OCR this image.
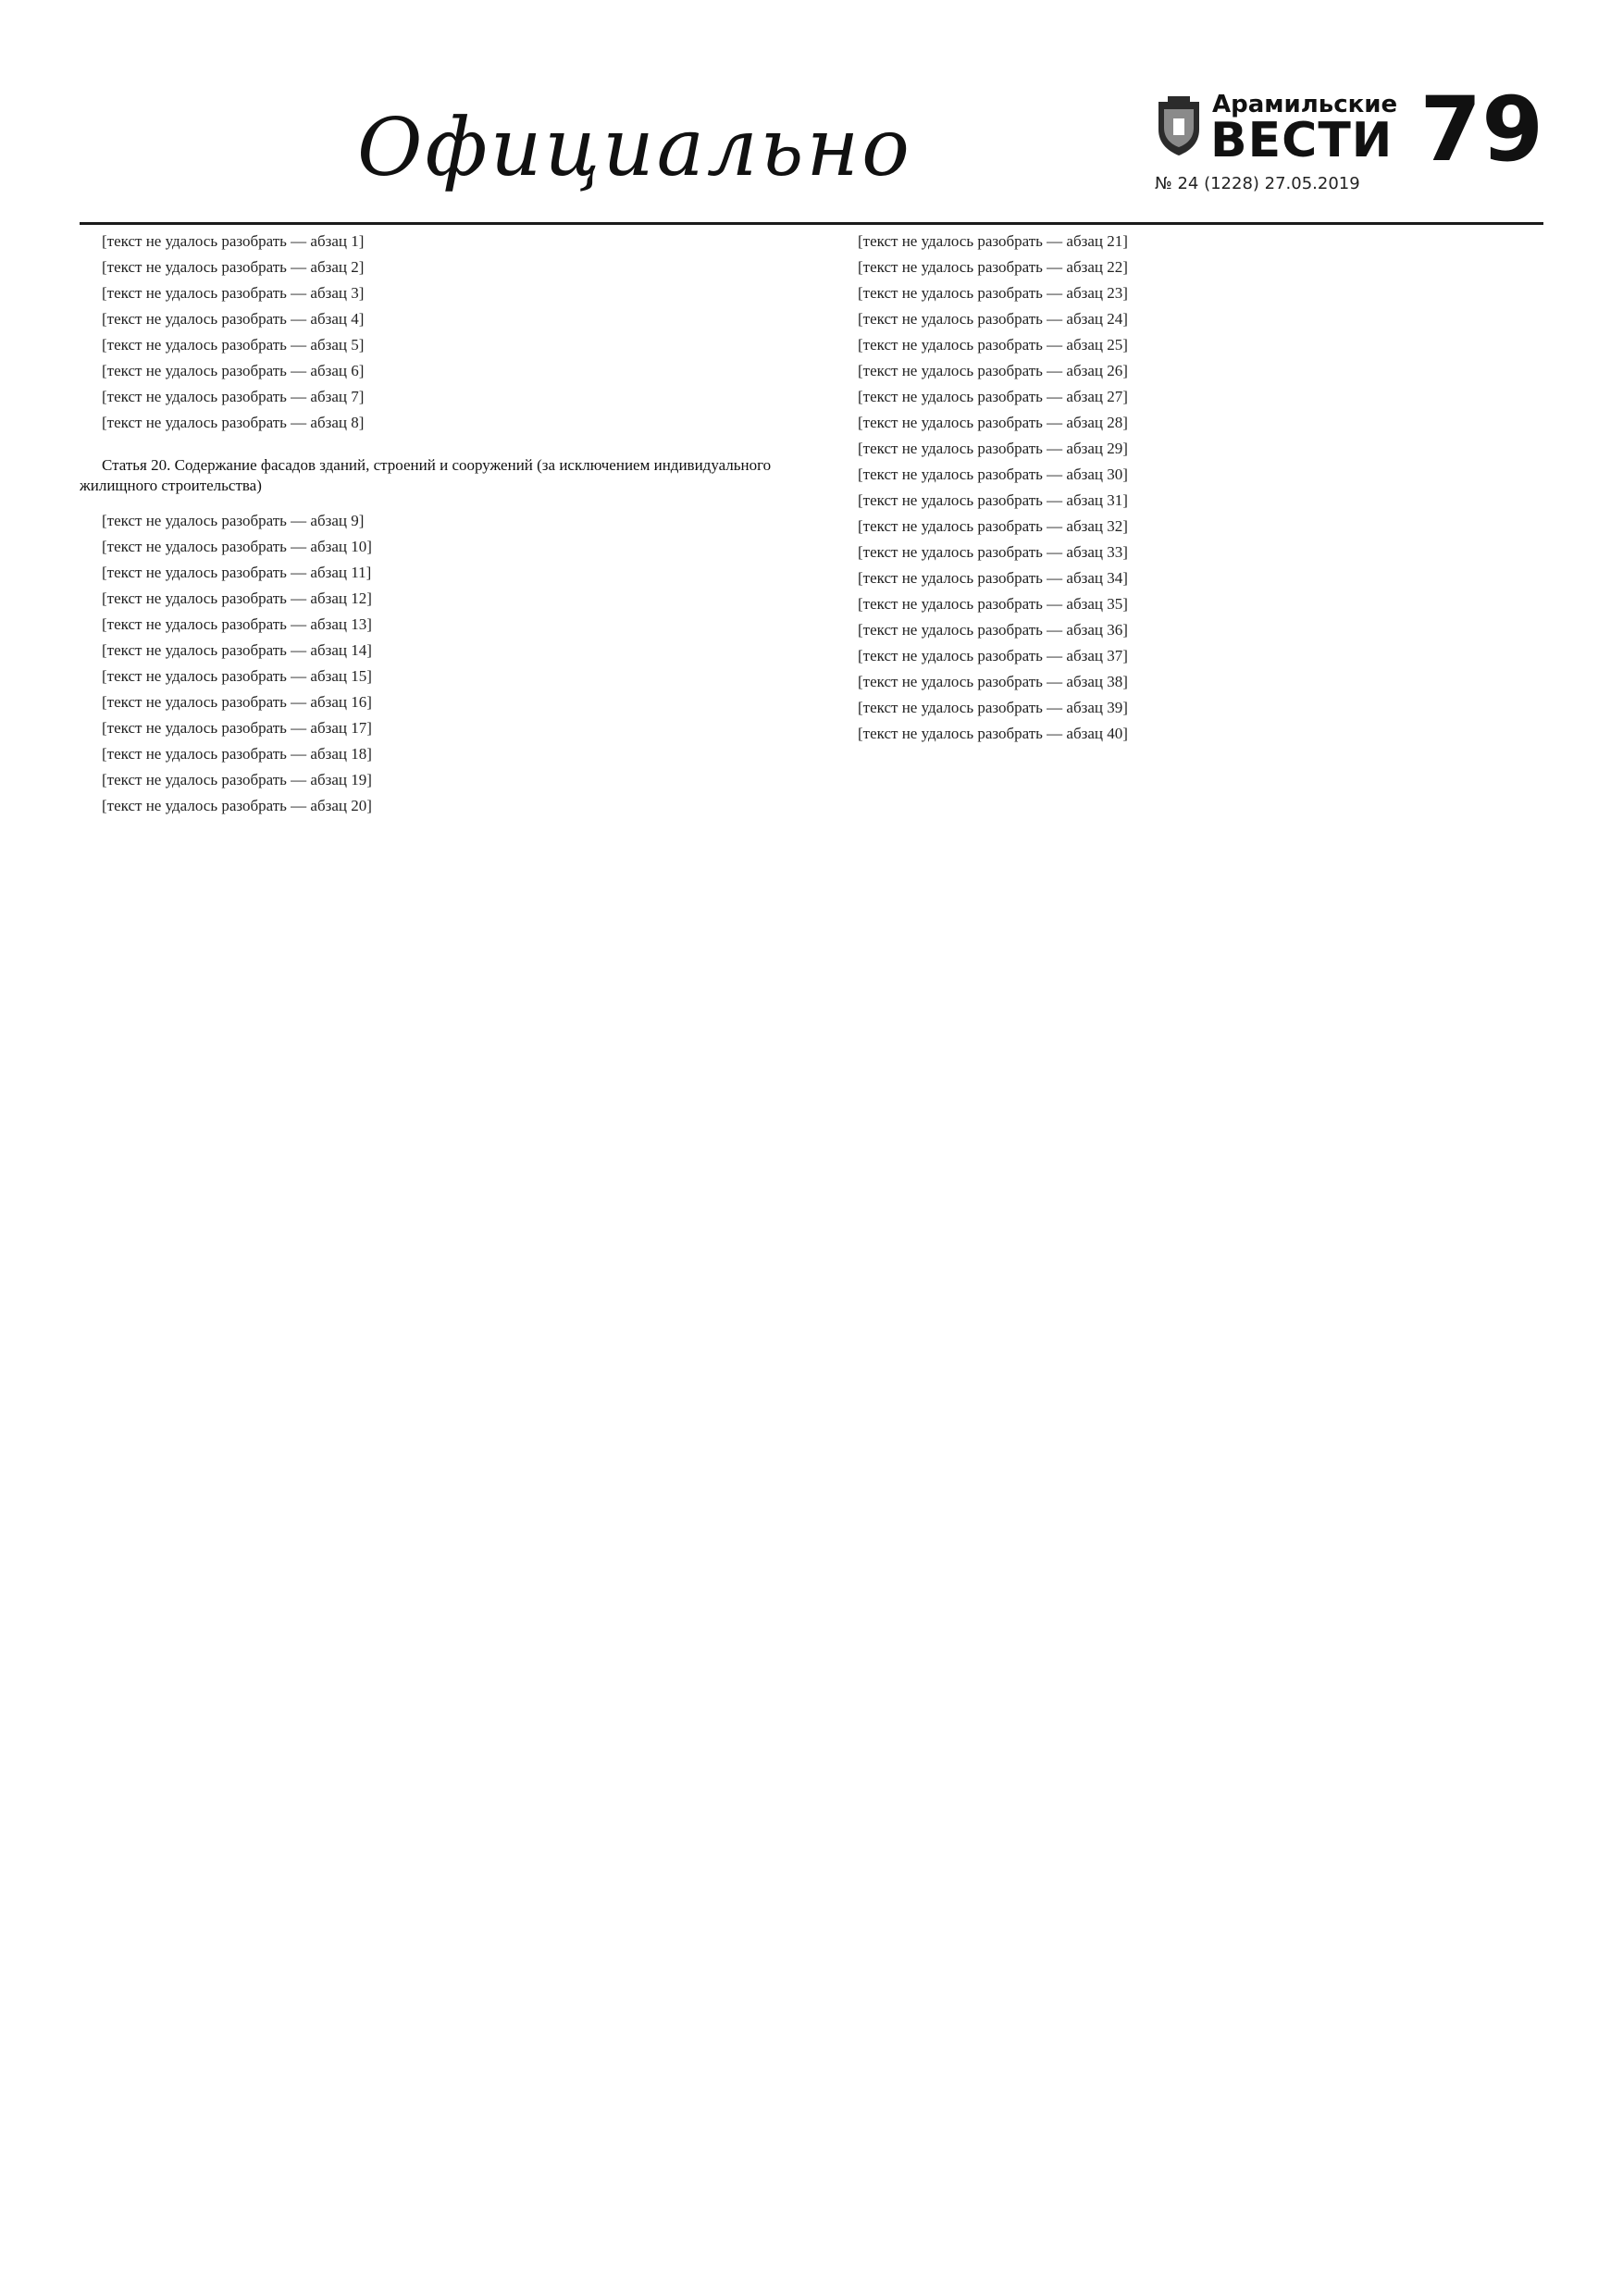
Официально	Арамильские
ВЕСТИ
№ 24 (1228) 27.05.2019
79

[текст не удалось разобрать — абзац 1]

[текст не удалось разобрать — абзац 2]

[текст не удалось разобрать — абзац 3]

[текст не удалось разобрать — абзац 4]

[текст не удалось разобрать — абзац 5]

[текст не удалось разобрать — абзац 6]

[текст не удалось разобрать — абзац 7]

[текст не удалось разобрать — абзац 8]

Статья 20. Содержание фасадов зданий, строений и сооружений (за исключением индивидуального жилищного строительства)

[текст не удалось разобрать — абзац 9]

[текст не удалось разобрать — абзац 10]

[текст не удалось разобрать — абзац 11]

[текст не удалось разобрать — абзац 12]

[текст не удалось разобрать — абзац 13]

[текст не удалось разобрать — абзац 14]

[текст не удалось разобрать — абзац 15]

[текст не удалось разобрать — абзац 16]

[текст не удалось разобрать — абзац 17]

[текст не удалось разобрать — абзац 18]

[текст не удалось разобрать — абзац 19]

[текст не удалось разобрать — абзац 20]

[текст не удалось разобрать — абзац 21]

[текст не удалось разобрать — абзац 22]

[текст не удалось разобрать — абзац 23]

[текст не удалось разобрать — абзац 24]

[текст не удалось разобрать — абзац 25]

[текст не удалось разобрать — абзац 26]

[текст не удалось разобрать — абзац 27]

[текст не удалось разобрать — абзац 28]

[текст не удалось разобрать — абзац 29]

[текст не удалось разобрать — абзац 30]

[текст не удалось разобрать — абзац 31]

[текст не удалось разобрать — абзац 32]

[текст не удалось разобрать — абзац 33]

[текст не удалось разобрать — абзац 34]

[текст не удалось разобрать — абзац 35]

[текст не удалось разобрать — абзац 36]

[текст не удалось разобрать — абзац 37]

[текст не удалось разобрать — абзац 38]

[текст не удалось разобрать — абзац 39]

[текст не удалось разобрать — абзац 40]
